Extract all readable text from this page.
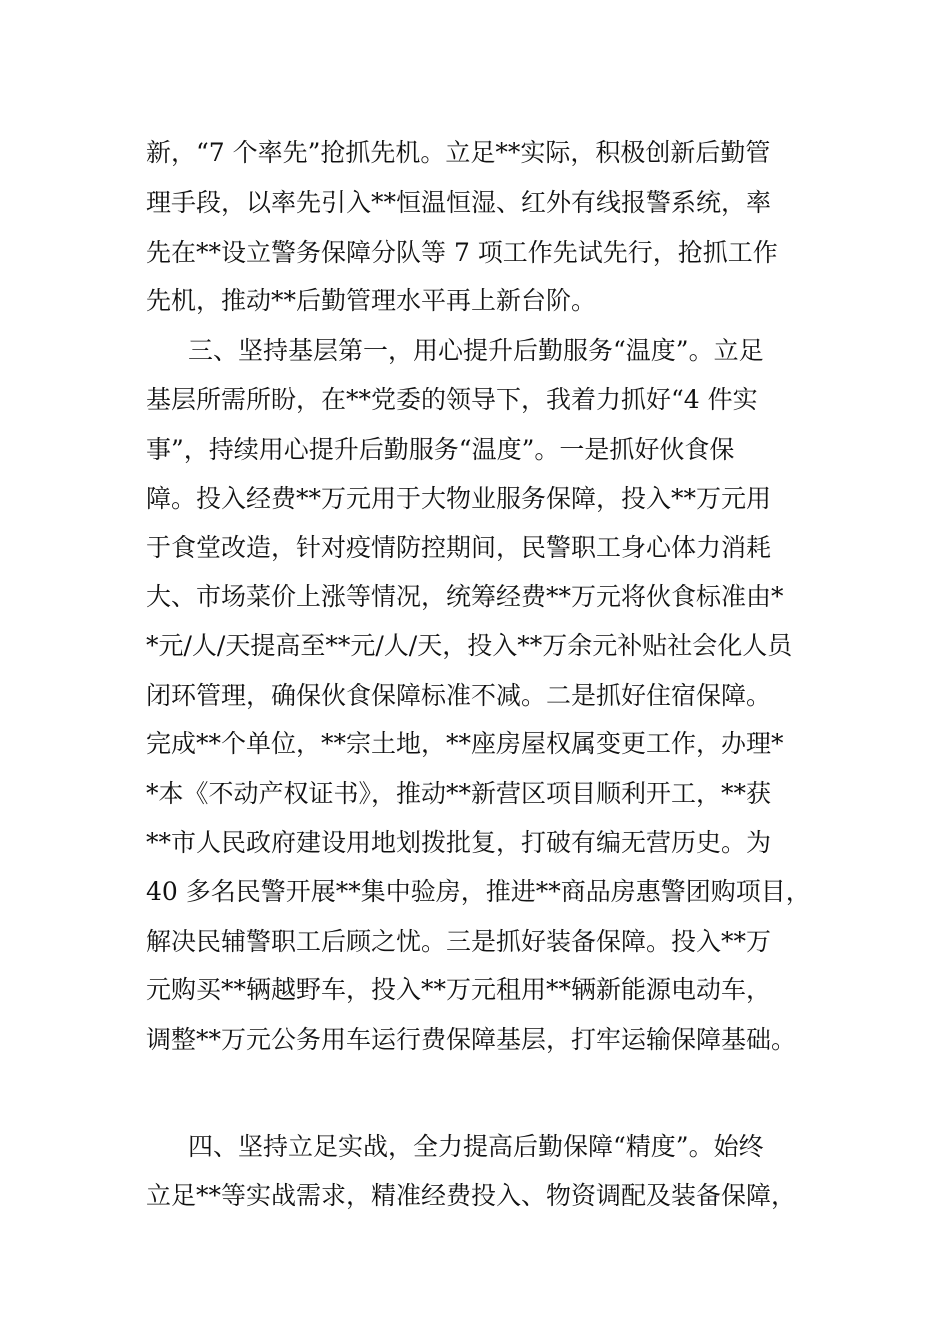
新，“7 个率先”抢抓先机。立足**实际，积极创新后勤管
理手段，以率先引入**恒温恒湿、红外有线报警系统，率
先在**设立警务保障分队等 7 项工作先试先行，抢抓工作
先机，推动**后勤管理水平再上新台阶。
三、坚持基层第一，用心提升后勤服务“温度”。立足
基层所需所盼，在**党委的领导下，我着力抓好“4 件实
事”，持续用心提升后勤服务“温度”。一是抓好伙食保
障。投入经费**万元用于大物业服务保障，投入**万元用
于食堂改造，针对疫情防控期间，民警职工身心体力消耗
大、市场菜价上涨等情况，统筹经费**万元将伙食标准由*
*元/人/天提高至**元/人/天，投入**万余元补贴社会化人员
闭环管理，确保伙食保障标准不减。二是抓好住宿保障。
完成**个单位，**宗土地，**座房屋权属变更工作，办理*
*本《不动产权证书》，推动**新营区项目顺利开工，**获
**市人民政府建设用地划拨批复，打破有编无营历史。为
40 多名民警开展**集中验房，推进**商品房惠警团购项目，
解决民辅警职工后顾之忧。三是抓好装备保障。投入**万
元购买**辆越野车，投入**万元租用**辆新能源电动车，
调整**万元公务用车运行费保障基层，打牢运输保障基础。
四、坚持立足实战，全力提高后勤保障“精度”。始终
立足**等实战需求，精准经费投入、物资调配及装备保障，
